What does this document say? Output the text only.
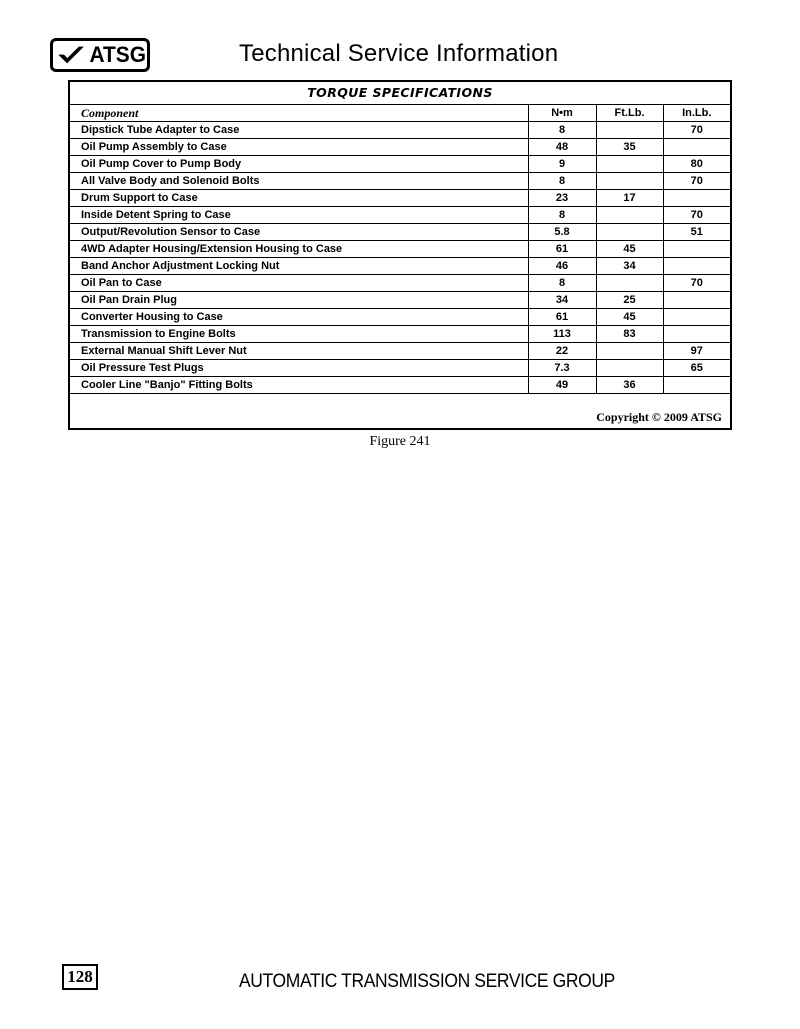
ATSG	Technical Service Information
TORQUE SPECIFICATIONS
Component	N•m	Ft.Lb.	In.Lb.
Dipstick Tube Adapter to Case	8		70
Oil Pump Assembly to Case	48	35	
Oil Pump Cover to Pump Body	9		80
All Valve Body and Solenoid Bolts	8		70
Drum Support to Case	23	17	
Inside Detent Spring to Case	8		70
Output/Revolution Sensor to Case	5.8		51
4WD Adapter Housing/Extension Housing to Case	61	45	
Band Anchor Adjustment Locking Nut	46	34	
Oil Pan to Case	8		70
Oil Pan Drain Plug	34	25	
Converter Housing to Case	61	45	
Transmission to Engine Bolts	113	83	
External Manual Shift Lever Nut	22		97
Oil Pressure Test Plugs	7.3		65
Cooler Line "Banjo" Fitting Bolts	49	36	
Copyright © 2009 ATSG
Figure 241
128	AUTOMATIC TRANSMISSION SERVICE GROUP
